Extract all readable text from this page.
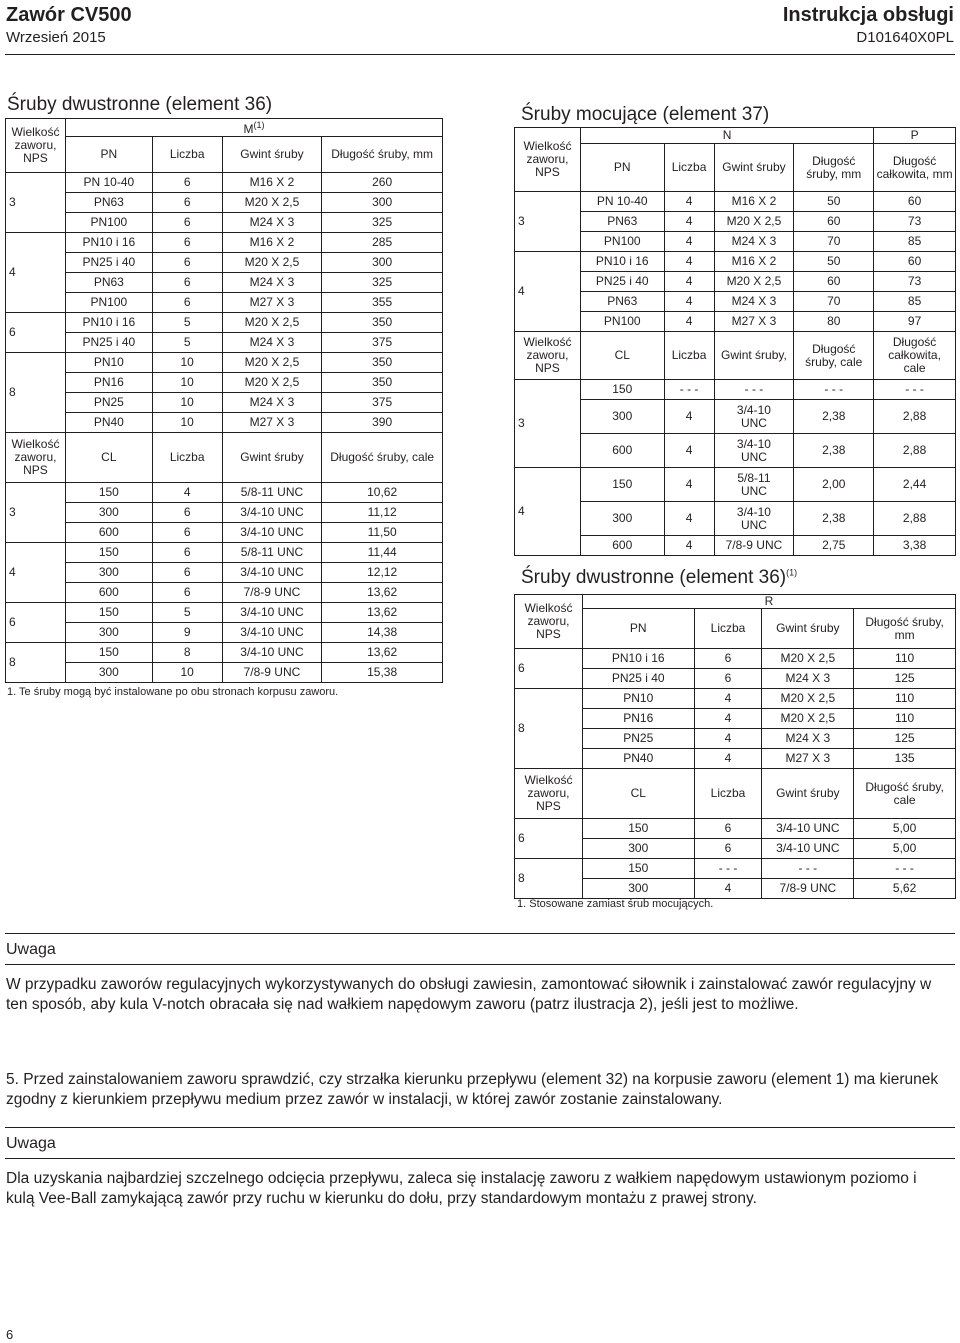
Zawór CV500
Wrzesień 2015
Instrukcja obsługi
D101640X0PL
Śruby dwustronne (element 36)
Wielkość zaworu, NPS	$M^{(1)}$
	PN	Liczba	Gwint śruby	Długość śruby, mm
3	PN 10-40	6	M16 X 2	260
	PN63	6	M20 X 2,5	300
	PN100	6	M24 X 3	325
4	PN10 i 16	6	M16 X 2	285
	PN25 i 40	6	M20 X 2,5	300
	PN63	6	M24 X 3	325
	PN100	6	M27 X 3	355
6	PN10 i 16	5	M20 X 2,5	350
	PN25 i 40	5	M24 X 3	375
8	PN10	10	M20 X 2,5	350
	PN16	10	M20 X 2,5	350
	PN25	10	M24 X 3	375
	PN40	10	M27 X 3	390
Wielkość zaworu, NPS	CL	Liczba	Gwint śruby	Długość śruby, cale
3	150	4	5/8-11 UNC	10,62
	300	6	3/4-10 UNC	11,12
	600	6	3/4-10 UNC	11,50
4	150	6	5/8-11 UNC	11,44
	300	6	3/4-10 UNC	12,12
	600	6	7/8-9 UNC	13,62
6	150	5	3/4-10 UNC	13,62
	300	9	3/4-10 UNC	14,38
8	150	8	3/4-10 UNC	13,62
	300	10	7/8-9 UNC	15,38
1. Te śruby mogą być instalowane po obu stronach korpusu zaworu.
Śruby mocujące (element 37)
Wielkość zaworu, NPS	N				P
	PN	Liczba	Gwint śruby	Długość śruby, mm	Długość całkowita, mm
3	PN 10-40	4	M16 X 2	50	60
	PN63	4	M20 X 2,5	60	73
	PN100	4	M24 X 3	70	85
4	PN10 i 16	4	M16 X 2	50	60
	PN25 i 40	4	M20 X 2,5	60	73
	PN63	4	M24 X 3	70	85
	PN100	4	M27 X 3	80	97
Wielkość zaworu, NPS	CL	Liczba	Gwint śruby,	Długość śruby, cale	Długość całkowita, cale
3	150	- - -	- - -	- - -	- - -
	300	4	3/4-10 UNC	2,38	2,88
	600	4	3/4-10 UNC	2,38	2,88
4	150	4	5/8-11 UNC	2,00	2,44
	300	4	3/4-10 UNC	2,38	2,88
	600	4	7/8-9 UNC	2,75	3,38
Śruby dwustronne (element 36)$^{(1)}$
Wielkość zaworu, NPS	R			
	PN	Liczba	Gwint śruby	Długość śruby, mm
6	PN10 i 16	6	M20 X 2,5	110
	PN25 i 40	6	M24 X 3	125
8	PN10	4	M20 X 2,5	110
	PN16	4	M20 X 2,5	110
	PN25	4	M24 X 3	125
	PN40	4	M27 X 3	135
Wielkość zaworu, NPS	CL	Liczba	Gwint śruby	Długość śruby, cale
6	150	6	3/4-10 UNC	5,00
	300	6	3/4-10 UNC	5,00
8	150	- - -	- - -	- - -
	300	4	7/8-9 UNC	5,62
1. Stosowane zamiast śrub mocujących.
Uwaga
W przypadku zaworów regulacyjnych wykorzystywanych do obsługi zawiesin, zamontować siłownik i zainstalować zawór regulacyjny w ten sposób, aby kula V-notch obracała się nad wałkiem napędowym zaworu (patrz ilustracja 2), jeśli jest to możliwe.
5. Przed zainstalowaniem zaworu sprawdzić, czy strzałka kierunku przepływu (element 32) na korpusie zaworu (element 1) ma kierunek zgodny z kierunkiem przepływu medium przez zawór w instalacji, w której zawór zostanie zainstalowany.
Uwaga
Dla uzyskania najbardziej szczelnego odcięcia przepływu, zaleca się instalację zaworu z wałkiem napędowym ustawionym poziomo i kulą Vee-Ball zamykającą zawór przy ruchu w kierunku do dołu, przy standardowym montażu z prawej strony.
6
